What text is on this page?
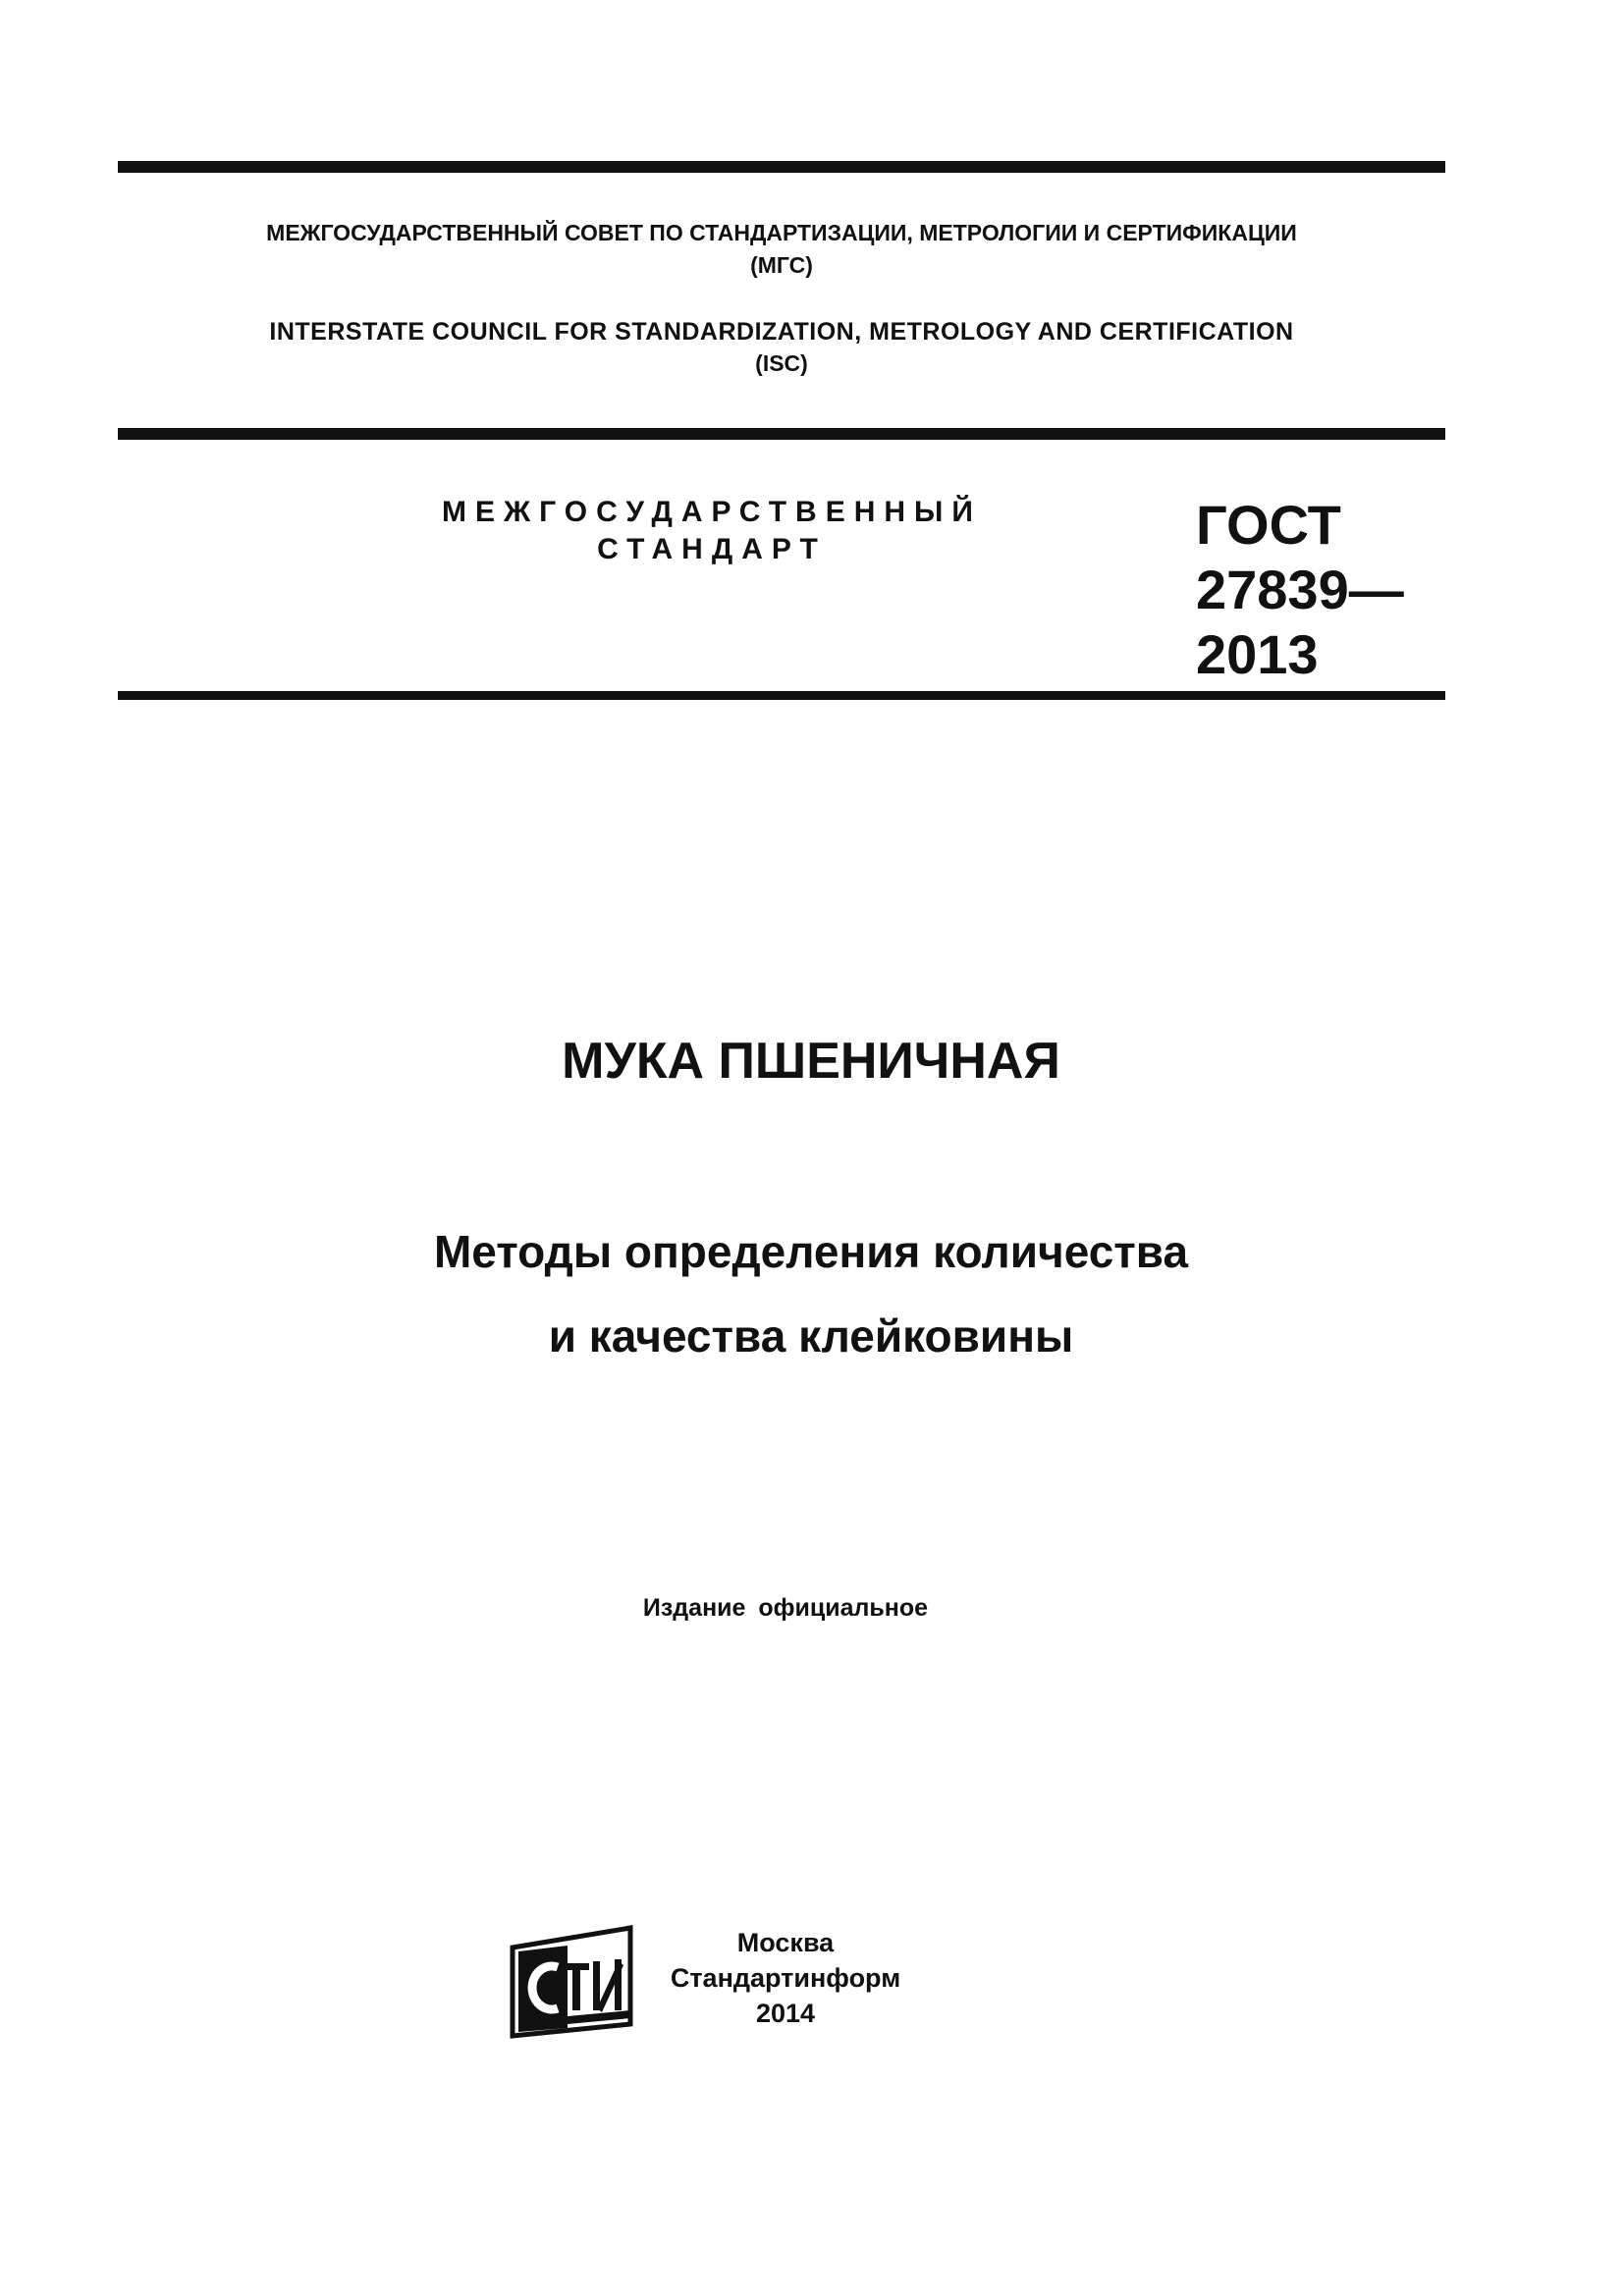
МЕЖГОСУДАРСТВЕННЫЙ СОВЕТ ПО СТАНДАРТИЗАЦИИ, МЕТРОЛОГИИ И СЕРТИФИКАЦИИ
(МГС)
INTERSTATE COUNCIL FOR STANDARDIZATION, METROLOGY AND CERTIFICATION
(ISC)
МЕЖГОСУДАРСТВЕННЫЙ
СТАНДАРТ	ГОСТ
27839—
2013
МУКА ПШЕНИЧНАЯ
Методы определения количества
и качества клейковины
Издание официальное
Москва
Стандартинформ
2014
